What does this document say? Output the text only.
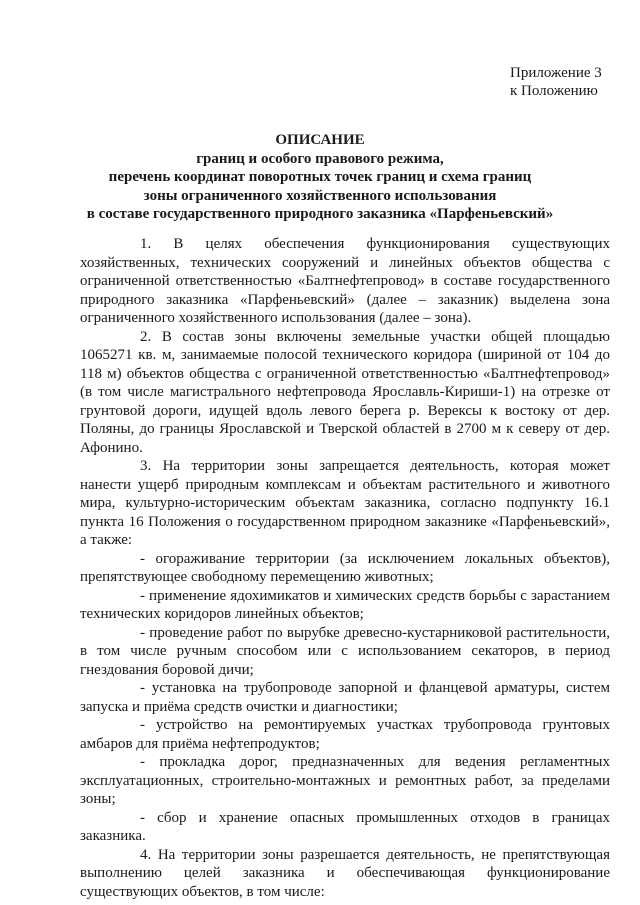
Приложение 3
к Положению
ОПИСАНИЕ
границ и особого правового режима,
перечень координат поворотных точек границ и схема границ
зоны ограниченного хозяйственного использования
в составе государственного природного заказника «Парфеньевский»

1. В целях обеспечения функционирования существующих хозяйственных, технических сооружений и линейных объектов общества с ограниченной ответственностью «Балтнефтепровод» в составе государственного природного заказника «Парфеньевский» (далее – заказник) выделена зона ограниченного хозяйственного использования (далее – зона).

2. В состав зоны включены земельные участки общей площадью 1065271 кв. м, занимаемые полосой технического коридора (шириной от 104 до 118 м) объектов общества с ограниченной ответственностью «Балтнефтепровод» (в том числе магистрального нефтепровода Ярославль-Кириши-1) на отрезке от грунтовой дороги, идущей вдоль левого берега р. Верексы к востоку от дер. Поляны, до границы Ярославской и Тверской областей в 2700 м к северу от дер. Афонино.

3. На территории зоны запрещается деятельность, которая может нанести ущерб природным комплексам и объектам растительного и животного мира, культурно-историческим объектам заказника, согласно подпункту 16.1 пункта 16 Положения о государственном природном заказнике «Парфеньевский», а также:

- огораживание территории (за исключением локальных объектов), препятствующее свободному перемещению животных;

- применение ядохимикатов и химических средств борьбы с зарастанием технических коридоров линейных объектов;

- проведение работ по вырубке древесно-кустарниковой растительности, в том числе ручным способом или с использованием секаторов, в период гнездования боровой дичи;

- установка на трубопроводе запорной и фланцевой арматуры, систем запуска и приёма средств очистки и диагностики;

- устройство на ремонтируемых участках трубопровода грунтовых амбаров для приёма нефтепродуктов;

- прокладка дорог, предназначенных для ведения регламентных эксплуатационных, строительно-монтажных и ремонтных работ, за пределами зоны;

- сбор и хранение опасных промышленных отходов в границах заказника.

4. На территории зоны разрешается деятельность, не препятствующая выполнению целей заказника и обеспечивающая функционирование существующих объектов, в том числе:
